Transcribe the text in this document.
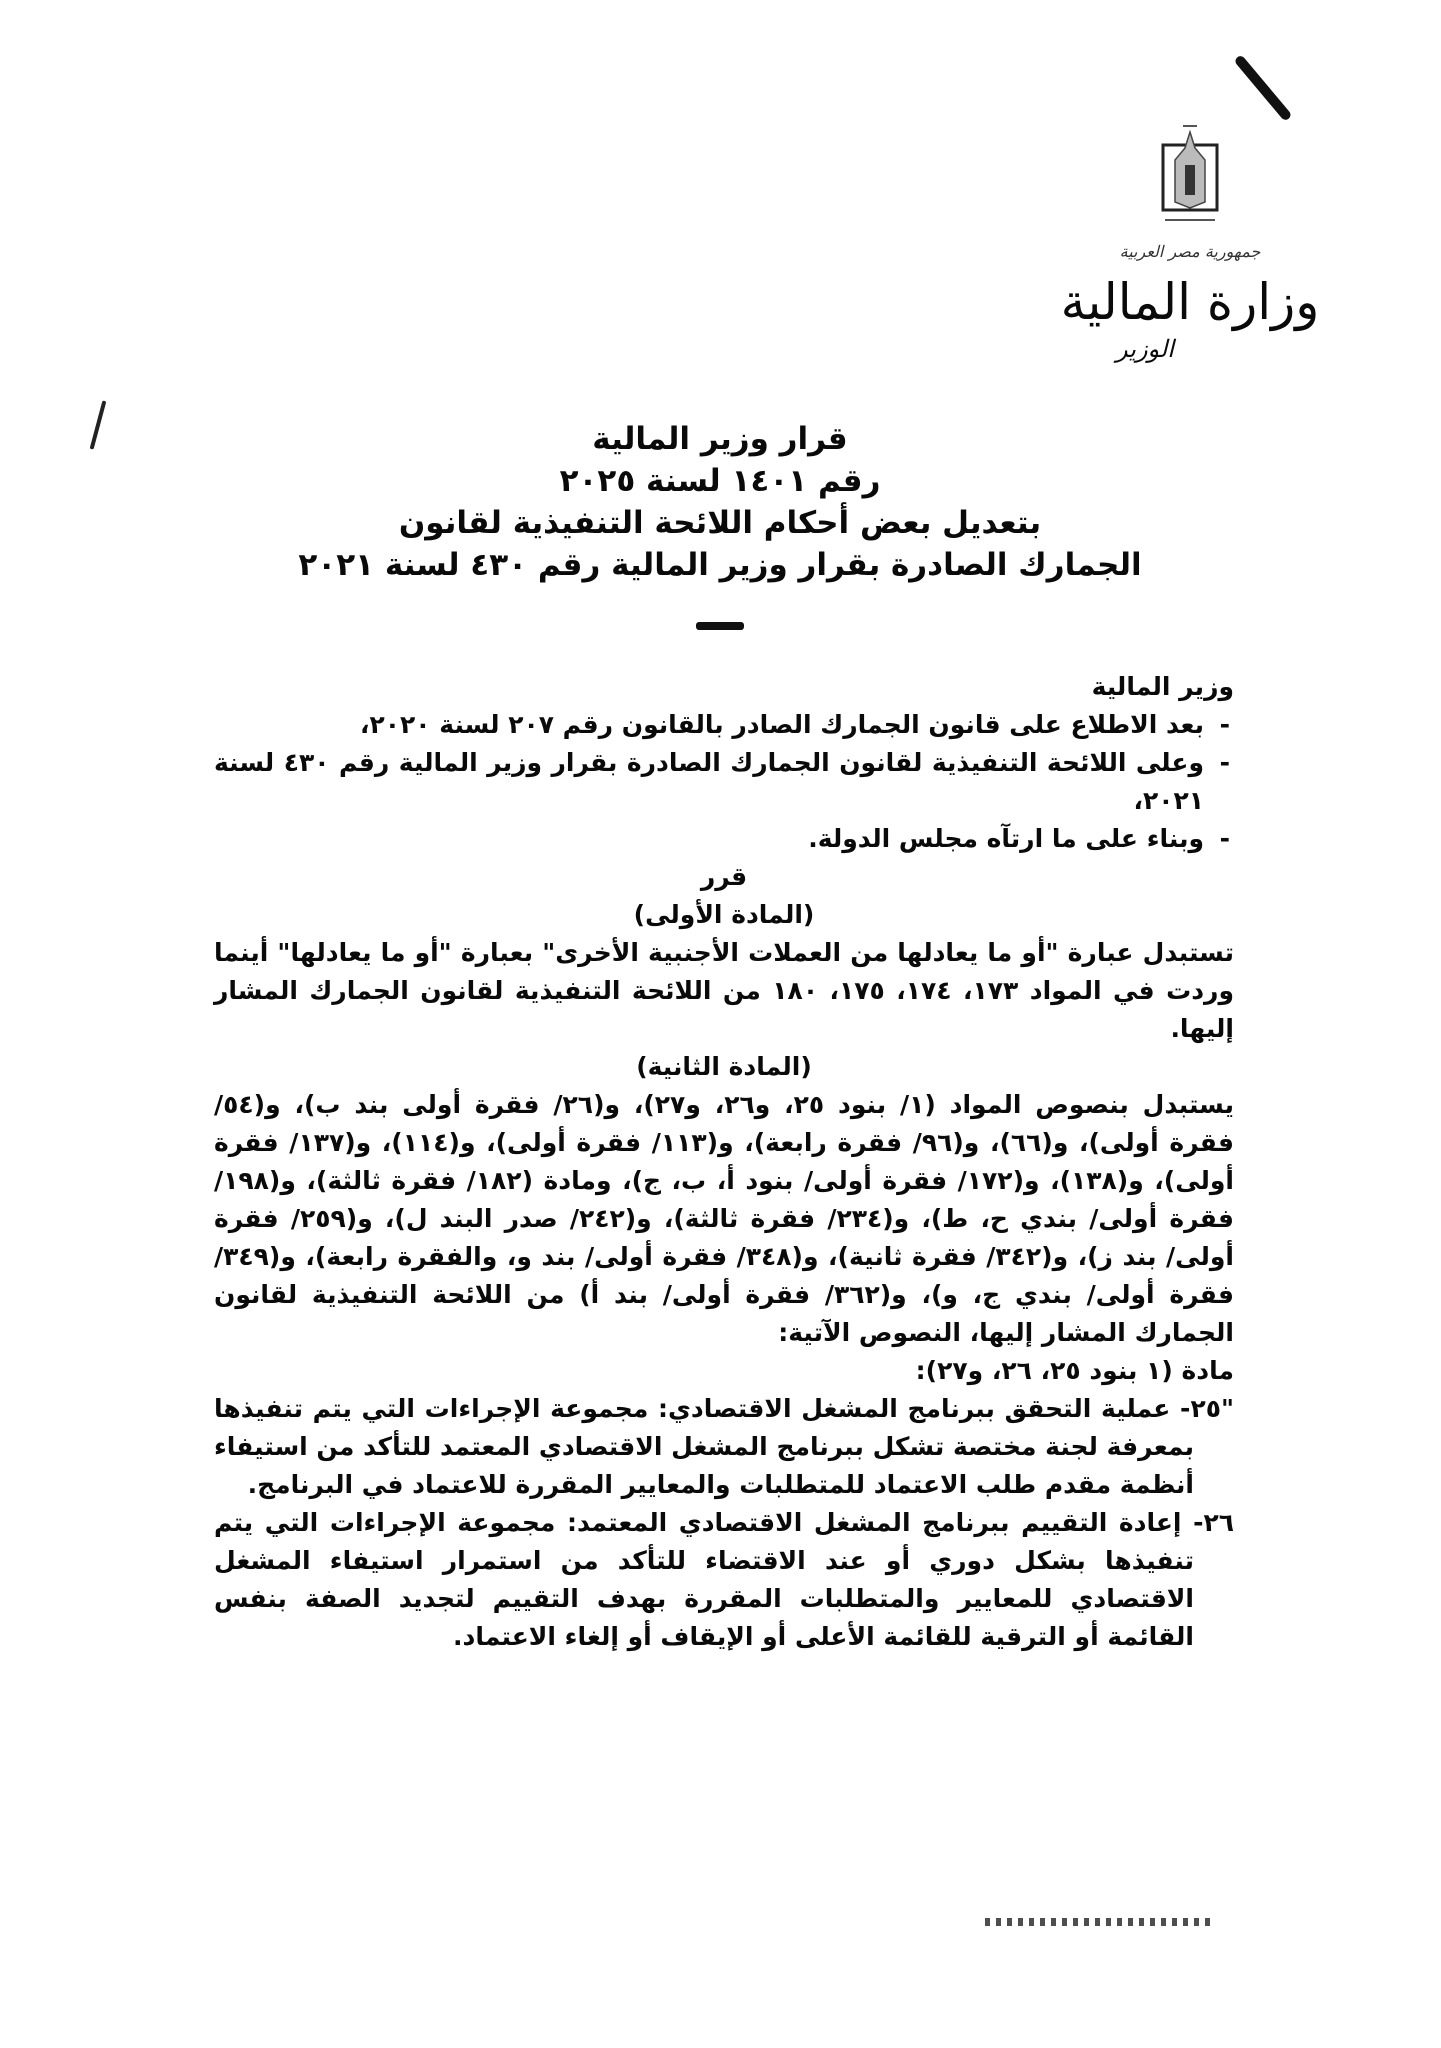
جمهورية مصر العربية
وزارة المالية
الوزير
قرار وزير المالية
رقم ١٤٠١ لسنة ٢٠٢٥
بتعديل بعض أحكام اللائحة التنفيذية لقانون
الجمارك الصادرة بقرار وزير المالية رقم ٤٣٠ لسنة ٢٠٢١

وزير المالية

- بعد الاطلاع على قانون الجمارك الصادر بالقانون رقم ٢٠٧ لسنة ٢٠٢٠،
- وعلى اللائحة التنفيذية لقانون الجمارك الصادرة بقرار وزير المالية رقم ٤٣٠ لسنة ٢٠٢١،
- وبناء على ما ارتآه مجلس الدولة.

قرر

(المادة الأولى)

تستبدل عبارة "أو ما يعادلها من العملات الأجنبية الأخرى" بعبارة "أو ما يعادلها" أينما وردت في المواد ١٧٣، ١٧٤، ١٧٥، ١٨٠ من اللائحة التنفيذية لقانون الجمارك المشار إليها.

(المادة الثانية)

يستبدل بنصوص المواد (١/ بنود ٢٥، و٢٦، و٢٧)، و(٢٦/ فقرة أولى بند ب)، و(٥٤/ فقرة أولى)، و(٦٦)، و(٩٦/ فقرة رابعة)، و(١١٣/ فقرة أولى)، و(١١٤)، و(١٣٧/ فقرة أولى)، و(١٣٨)، و(١٧٢/ فقرة أولى/ بنود أ، ب، ج)، ومادة (١٨٢/ فقرة ثالثة)، و(١٩٨/ فقرة أولى/ بندي ح، ط)، و(٢٣٤/ فقرة ثالثة)، و(٢٤٢/ صدر البند ل)، و(٢٥٩/ فقرة أولى/ بند ز)، و(٣٤٢/ فقرة ثانية)، و(٣٤٨/ فقرة أولى/ بند و، والفقرة رابعة)، و(٣٤٩/ فقرة أولى/ بندي ج، و)، و(٣٦٢/ فقرة أولى/ بند أ) من اللائحة التنفيذية لقانون الجمارك المشار إليها، النصوص الآتية:

مادة (١ بنود ٢٥، ٢٦، و٢٧):

"٢٥- عملية التحقق ببرنامج المشغل الاقتصادي: مجموعة الإجراءات التي يتم تنفيذها بمعرفة لجنة مختصة تشكل ببرنامج المشغل الاقتصادي المعتمد للتأكد من استيفاء أنظمة مقدم طلب الاعتماد للمتطلبات والمعايير المقررة للاعتماد في البرنامج.

٢٦- إعادة التقييم ببرنامج المشغل الاقتصادي المعتمد: مجموعة الإجراءات التي يتم تنفيذها بشكل دوري أو عند الاقتضاء للتأكد من استمرار استيفاء المشغل الاقتصادي للمعايير والمتطلبات المقررة بهدف التقييم لتجديد الصفة بنفس القائمة أو الترقية للقائمة الأعلى أو الإيقاف أو إلغاء الاعتماد.
